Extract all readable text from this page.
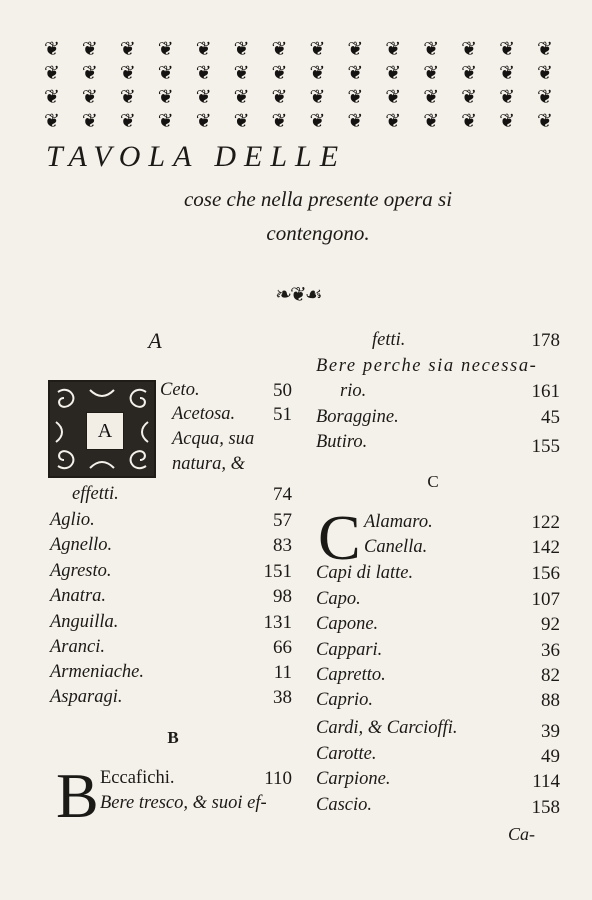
❦ ❦ ❦ ❦ ❦ ❦ ❦ ❦ ❦ ❦ ❦ ❦ ❦ ❦
❦ ❦ ❦ ❦ ❦ ❦ ❦ ❦ ❦ ❦ ❦ ❦ ❦ ❦
❦ ❦ ❦ ❦ ❦ ❦ ❦ ❦ ❦ ❦ ❦ ❦ ❦ ❦
❦ ❦ ❦ ❦ ❦ ❦ ❦ ❦ ❦ ❦ ❦ ❦ ❦ ❦
TAVOLA DELLE
cose che nella presente opera si
contengono.
❧❦☙
A
B
C
A
B
C
Ceto.	50
Acetosa. 51
Acqua, sua
natura, &
effetti.	74
Aglio.	57
Agnello.	83
Agresto.	151
Anatra.	98
Anguilla.	131
Aranci.	66
Armeniache.	11
Asparagi.	38
Eccafichi.	110
Bere tresco, & suoi ef-
fetti.	178
Bere perche sia necessa-
rio.	161
Boraggine.	45
Butiro.	155
Alamaro.	122
Canella.	142
Capi di latte.	156
Capo.	107
Capone.	92
Cappari.	36
Capretto.	82
Caprio.	88
Cardi, & Carcioffi.	39
Carotte.	49
Carpione.	114
Cascio.	158
Ca-
